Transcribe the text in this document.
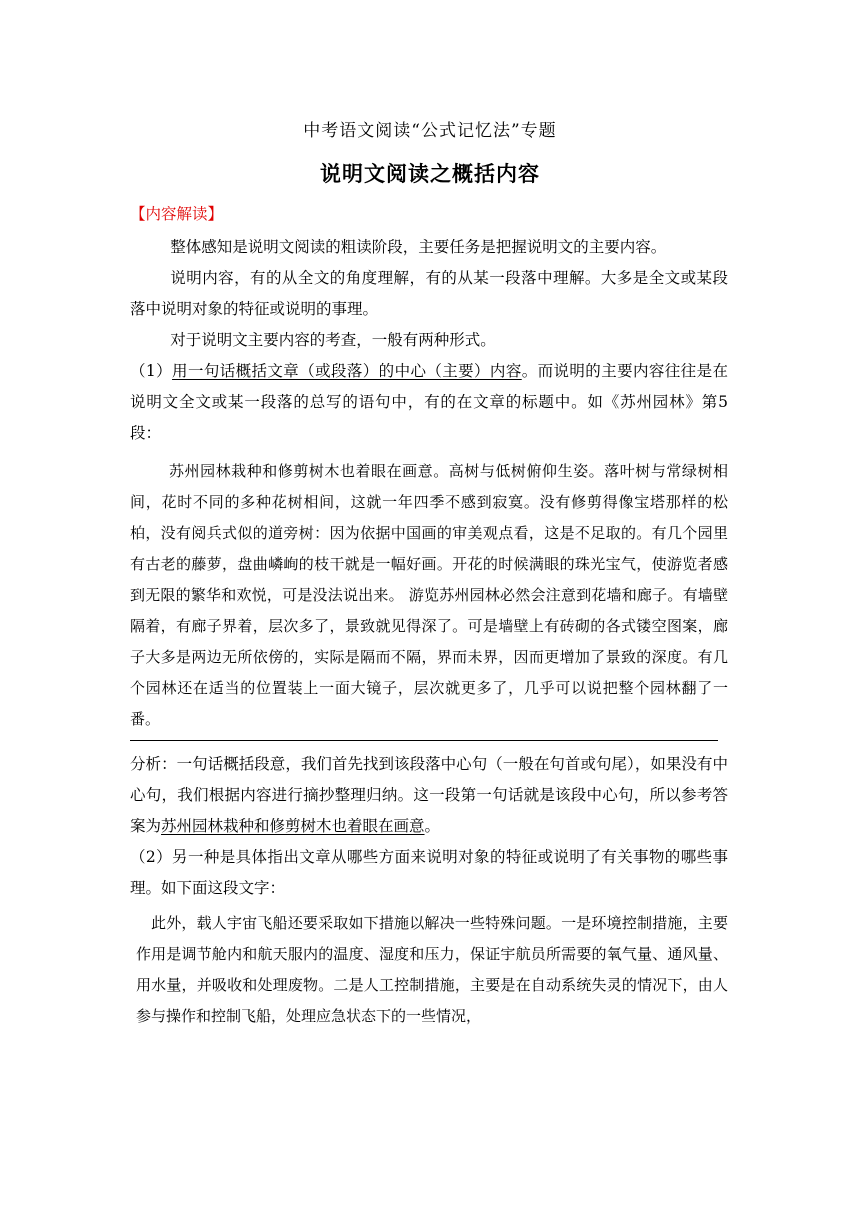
中考语文阅读“公式记忆法”专题
说明文阅读之概括内容
【内容解读】

整体感知是说明文阅读的粗读阶段，主要任务是把握说明文的主要内容。

说明内容，有的从全文的角度理解，有的从某一段落中理解。大多是全文或某段落中说明对象的特征或说明的事理。

对于说明文主要内容的考查，一般有两种形式。

（1）用一句话概括文章（或段落）的中心（主要）内容。而说明的主要内容往往是在说明文全文或某一段落的总写的语句中，有的在文章的标题中。如《苏州园林》第5段：

苏州园林栽种和修剪树木也着眼在画意。高树与低树俯仰生姿。落叶树与常绿树相间，花时不同的多种花树相间，这就一年四季不感到寂寞。没有修剪得像宝塔那样的松柏，没有阅兵式似的道旁树：因为依据中国画的审美观点看，这是不足取的。有几个园里有古老的藤萝，盘曲嶙峋的枝干就是一幅好画。开花的时候满眼的珠光宝气，使游览者感到无限的繁华和欢悦，可是没法说出来。 游览苏州园林必然会注意到花墙和廊子。有墙壁隔着，有廊子界着，层次多了，景致就见得深了。可是墙壁上有砖砌的各式镂空图案，廊子大多是两边无所依傍的，实际是隔而不隔，界而未界，因而更增加了景致的深度。有几个园林还在适当的位置装上一面大镜子，层次就更多了，几乎可以说把整个园林翻了一番。

分析：一句话概括段意，我们首先找到该段落中心句（一般在句首或句尾），如果没有中心句，我们根据内容进行摘抄整理归纳。这一段第一句话就是该段中心句，所以参考答案为苏州园林栽种和修剪树木也着眼在画意。

（2）另一种是具体指出文章从哪些方面来说明对象的特征或说明了有关事物的哪些事理。如下面这段文字：

此外，载人宇宙飞船还要采取如下措施以解决一些特殊问题。一是环境控制措施，主要作用是调节舱内和航天服内的温度、湿度和压力，保证宇航员所需要的氧气量、通风量、用水量，并吸收和处理废物。二是人工控制措施，主要是在自动系统失灵的情况下，由人参与操作和控制飞船，处理应急状态下的一些情况，
